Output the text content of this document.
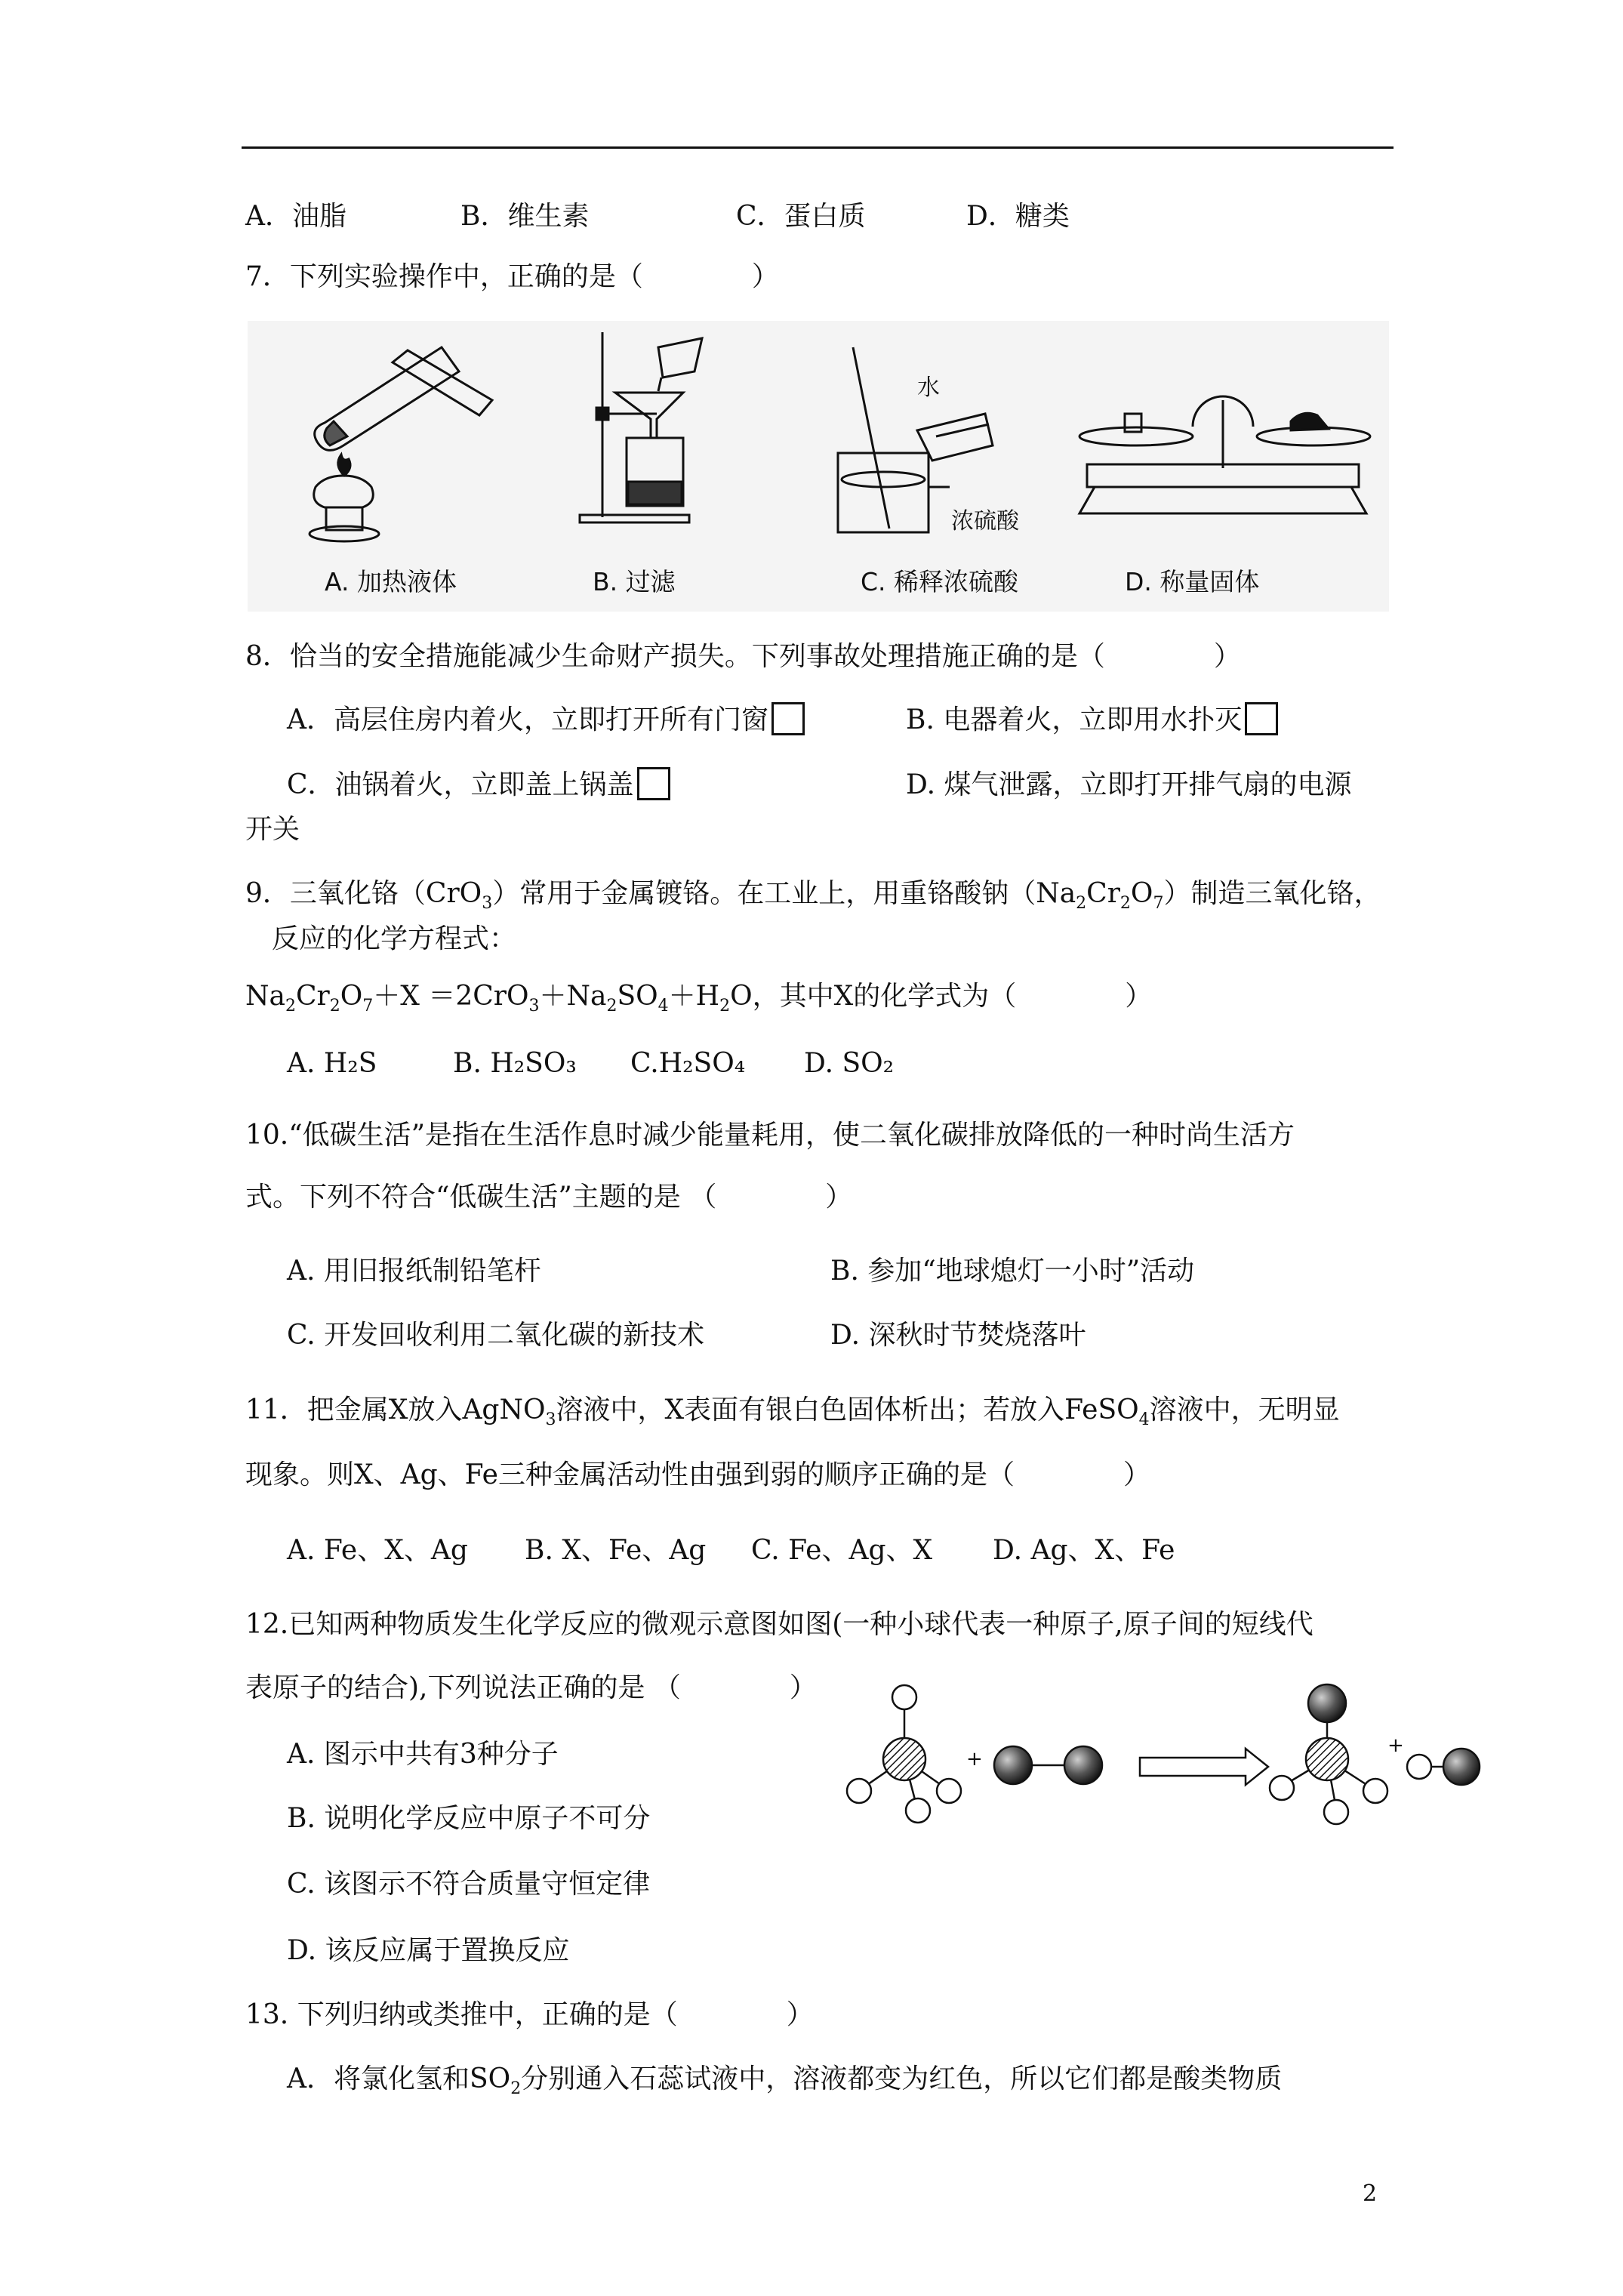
A．油脂	B．维生素	C．蛋白质	D．糖类
7．下列实验操作中，正确的是（　　　　）
水
浓硫酸
A. 加热液体	B. 过滤	C. 稀释浓硫酸	D. 称量固体
8．恰当的安全措施能减少生命财产损失。下列事故处理措施正确的是（　　　　）
A．高层住房内着火，立即打开所有门窗	B. 电器着火，立即用水扑灭
C．油锅着火，立即盖上锅盖	D. 煤气泄露，立即打开排气扇的电源
开关
9．三氧化铬（CrO$_3$）常用于金属镀铬。在工业上，用重铬酸钠$(Na_2Cr_2O_7)$制造三氧化铬，
反应的化学方程式：
$Na_2Cr_2O_7+X =2CrO_3+Na_2SO_4+H_2O$，其中X的化学式为（　　　　）
A. H₂S	B. H₂SO₃ C.H₂SO₄ D. SO₂
10.“低碳生活”是指在生活作息时减少能量耗用，使二氧化碳排放降低的一种时尚生活方
式。下列不符合“低碳生活”主题的是 （　　　　）
A. 用旧报纸制铅笔杆	B. 参加“地球熄灯一小时”活动
C. 开发回收利用二氧化碳的新技术	D. 深秋时节焚烧落叶
11．把金属X放入AgNO$_3$溶液中，X表面有银白色固体析出；若放入FeSO$_4$溶液中，无明显
现象。则X、Ag、Fe三种金属活动性由强到弱的顺序正确的是（　　　　）
A. Fe、X、Ag B. X、Fe、Ag C. Fe、Ag、X D. Ag、X、Fe
12.已知两种物质发生化学反应的微观示意图如图(一种小球代表一种原子,原子间的短线代
表原子的结合),下列说法正确的是 （　　　　）
A. 图示中共有3种分子
B. 说明化学反应中原子不可分
C. 该图示不符合质量守恒定律
D. 该反应属于置换反应
+
+
13. 下列归纳或类推中，正确的是（　　　　）
A．将氯化氢和$SO_2$分别通入石蕊试液中，溶液都变为红色，所以它们都是酸类物质
2
